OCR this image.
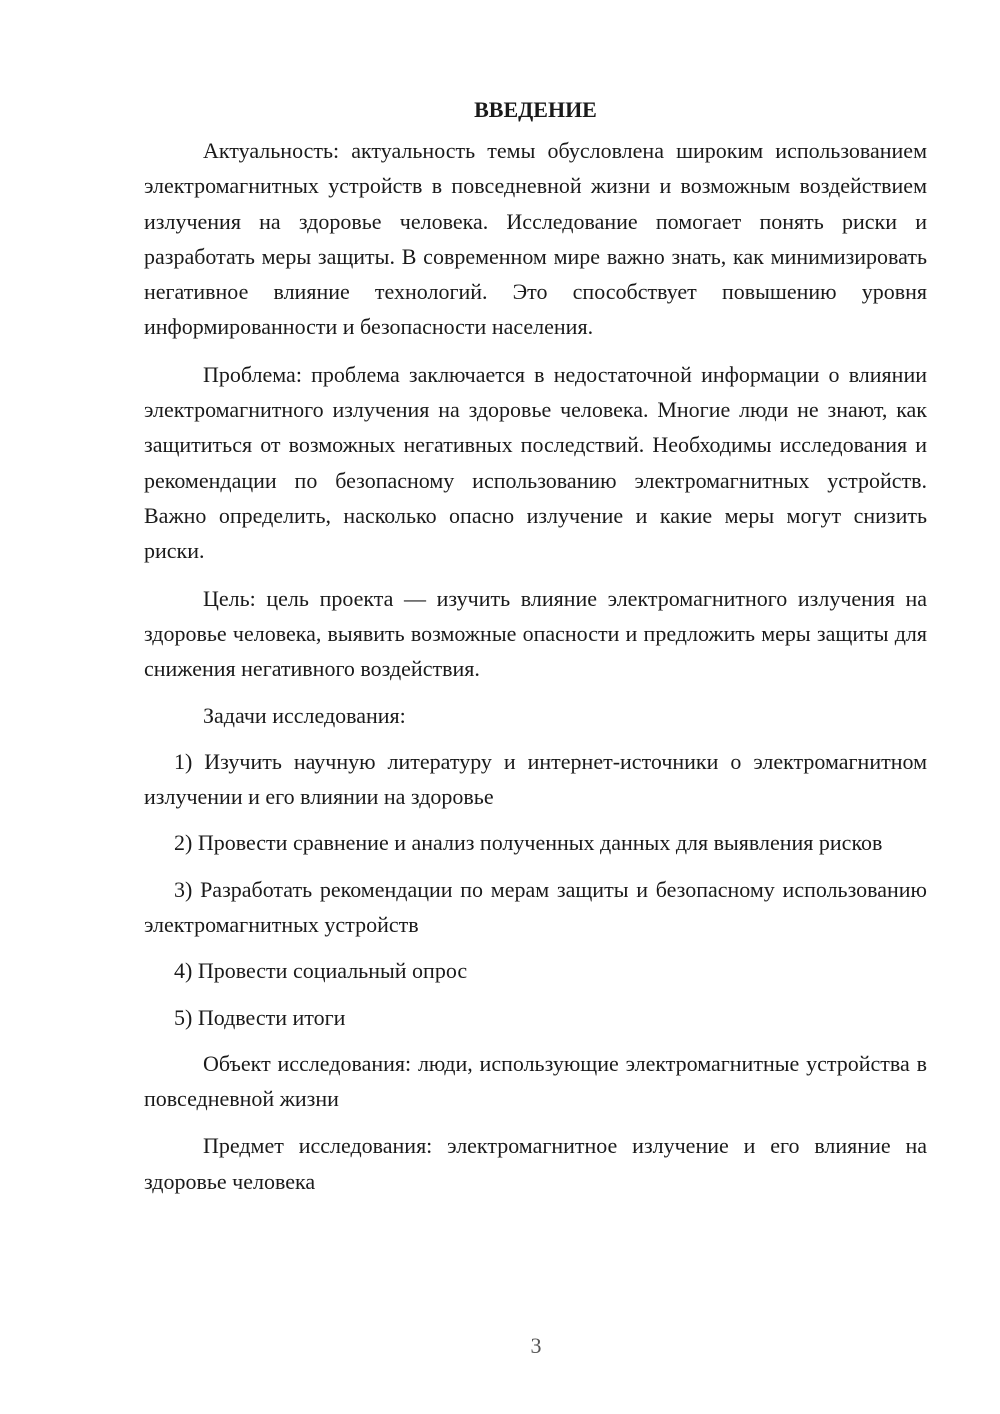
ВВЕДЕНИЕ

Актуальность: актуальность темы обусловлена широким использованием электромагнитных устройств в повседневной жизни и возможным воздействием излучения на здоровье человека. Исследование помогает понять риски и разработать меры защиты. В современном мире важно знать, как минимизировать негативное влияние технологий. Это способствует повышению уровня информированности и безопасности населения.

Проблема: проблема заключается в недостаточной информации о влиянии электромагнитного излучения на здоровье человека. Многие люди не знают, как защититься от возможных негативных последствий. Необходимы исследования и рекомендации по безопасному использованию электромагнитных устройств. Важно определить, насколько опасно излучение и какие меры могут снизить риски.

Цель: цель проекта — изучить влияние электромагнитного излучения на здоровье человека, выявить возможные опасности и предложить меры защиты для снижения негативного воздействия.

Задачи исследования:

1) Изучить научную литературу и интернет-источники о электромагнитном излучении и его влиянии на здоровье

2) Провести сравнение и анализ полученных данных для выявления рисков

3) Разработать рекомендации по мерам защиты и безопасному использованию электромагнитных устройств

4) Провести социальный опрос

5) Подвести итоги

Объект исследования: люди, использующие электромагнитные устройства в повседневной жизни

Предмет исследования: электромагнитное излучение и его влияние на здоровье человека

3
